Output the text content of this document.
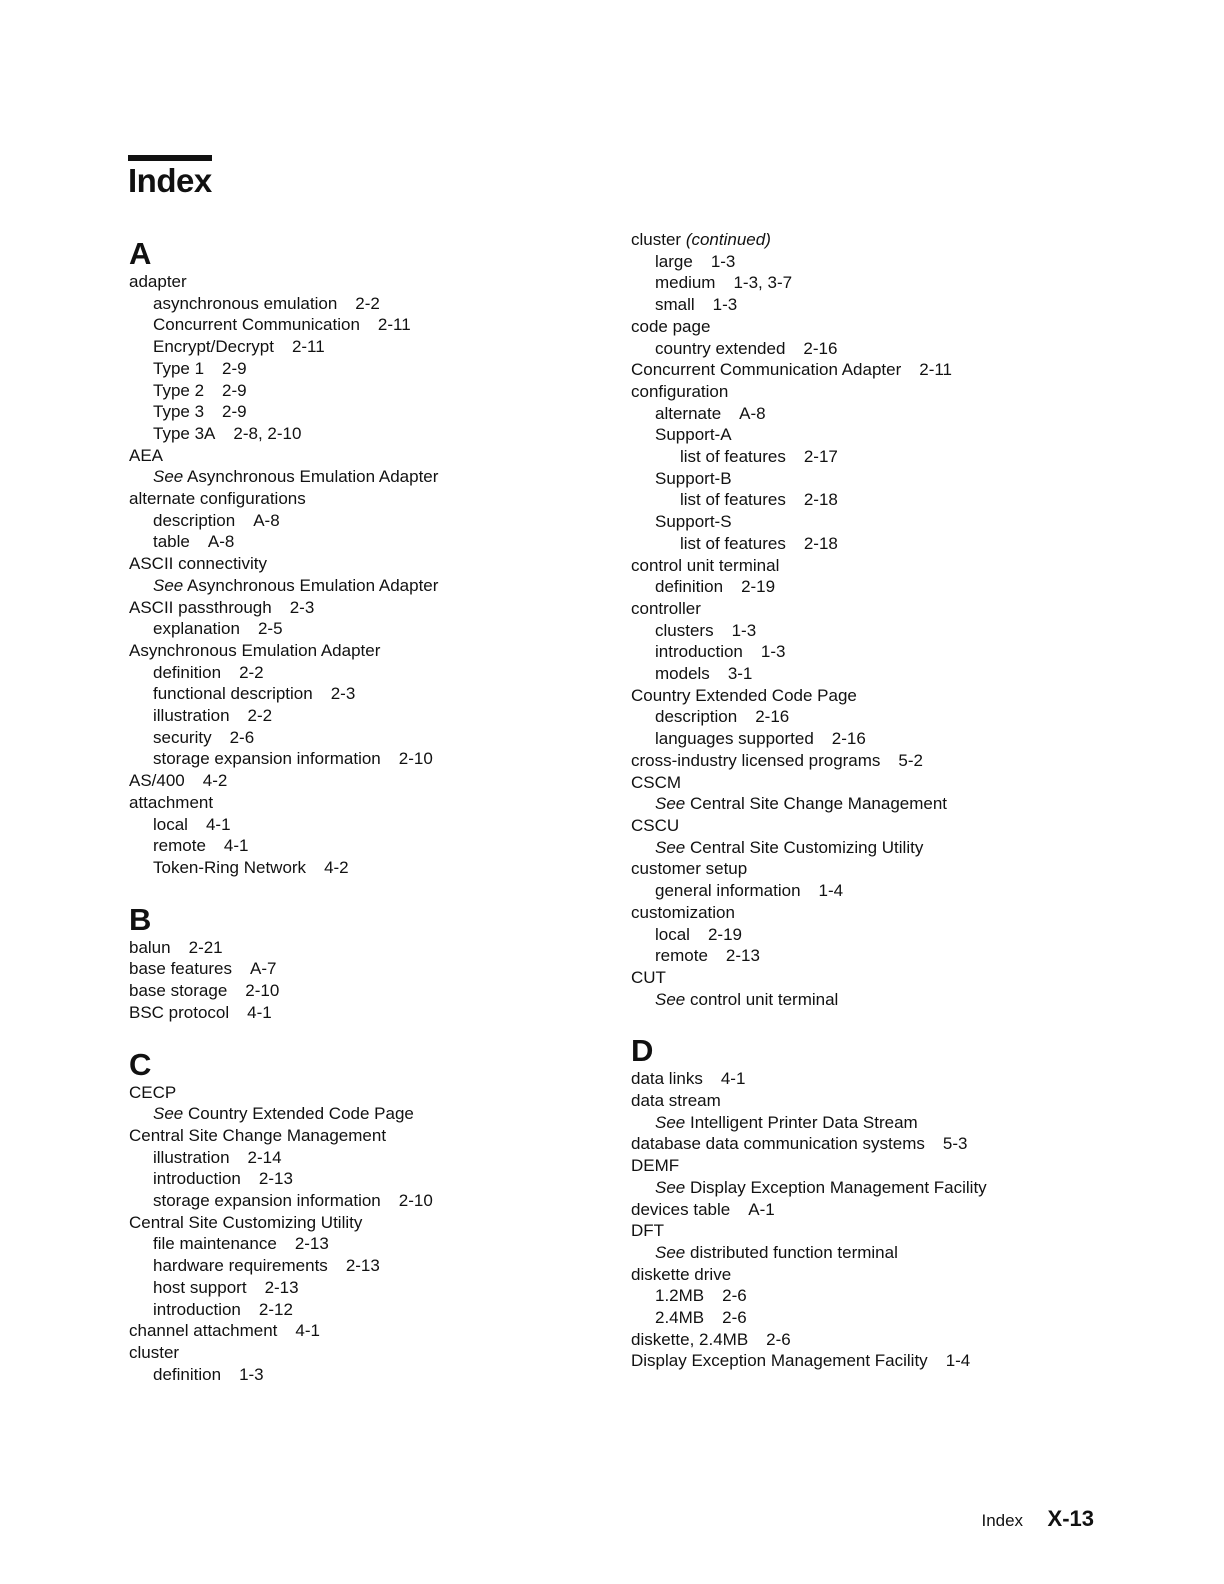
Index
A
adapter
asynchronous emulation 2-2
Concurrent Communication 2-11
Encrypt/Decrypt 2-11
Type 1 2-9
Type 2 2-9
Type 3 2-9
Type 3A 2-8, 2-10
AEA
See Asynchronous Emulation Adapter
alternate configurations
description A-8
table A-8
ASCII connectivity
See Asynchronous Emulation Adapter
ASCII passthrough 2-3
explanation 2-5
Asynchronous Emulation Adapter
definition 2-2
functional description 2-3
illustration 2-2
security 2-6
storage expansion information 2-10
AS/400 4-2
attachment
local 4-1
remote 4-1
Token-Ring Network 4-2
B
balun 2-21
base features A-7
base storage 2-10
BSC protocol 4-1
C
CECP
See Country Extended Code Page
Central Site Change Management
illustration 2-14
introduction 2-13
storage expansion information 2-10
Central Site Customizing Utility
file maintenance 2-13
hardware requirements 2-13
host support 2-13
introduction 2-12
channel attachment 4-1
cluster
definition 1-3
cluster (continued)
large 1-3
medium 1-3, 3-7
small 1-3
code page
country extended 2-16
Concurrent Communication Adapter 2-11
configuration
alternate A-8
Support-A
list of features 2-17
Support-B
list of features 2-18
Support-S
list of features 2-18
control unit terminal
definition 2-19
controller
clusters 1-3
introduction 1-3
models 3-1
Country Extended Code Page
description 2-16
languages supported 2-16
cross-industry licensed programs 5-2
CSCM
See Central Site Change Management
CSCU
See Central Site Customizing Utility
customer setup
general information 1-4
customization
local 2-19
remote 2-13
CUT
See control unit terminal
D
data links 4-1
data stream
See Intelligent Printer Data Stream
database data communication systems 5-3
DEMF
See Display Exception Management Facility
devices table A-1
DFT
See distributed function terminal
diskette drive
1.2MB 2-6
2.4MB 2-6
diskette, 2.4MB 2-6
Display Exception Management Facility 1-4
Index X-13
